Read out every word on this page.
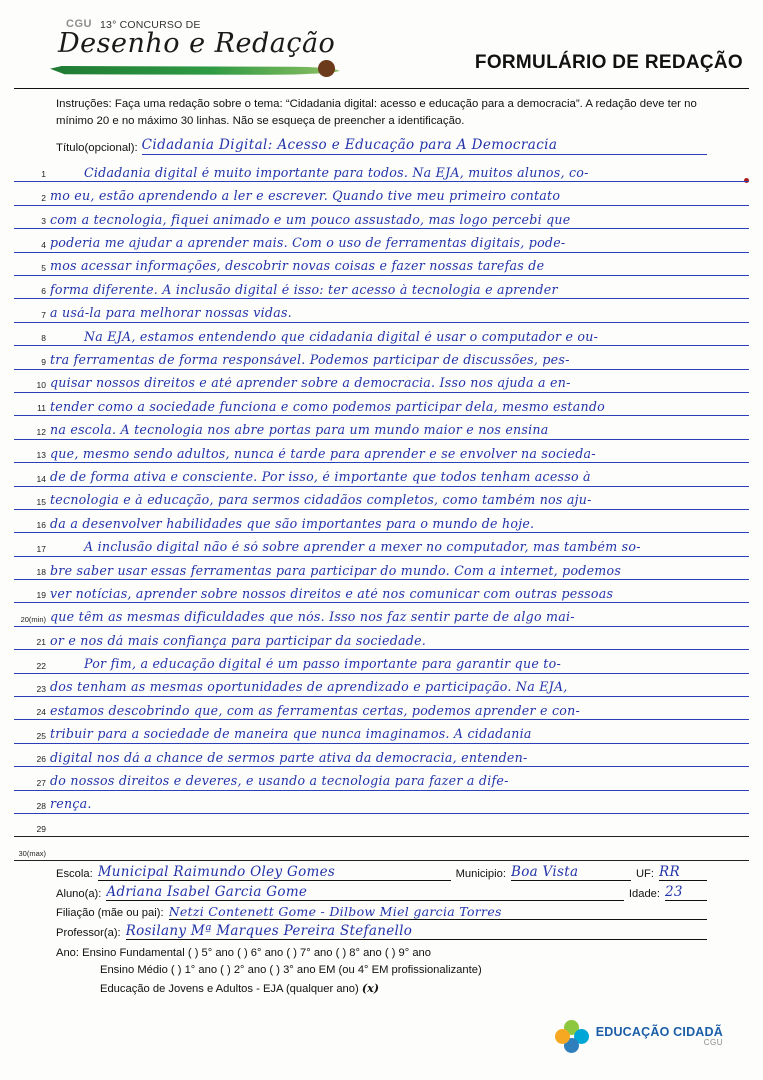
CGU 13° CONCURSO DE
Desenho e Redação
FORMULÁRIO DE REDAÇÃO
Instruções: Faça uma redação sobre o tema: “Cidadania digital: acesso e educação para a democracia”. A redação deve ter no mínimo 20 e no máximo 30 linhas. Não se esqueça de preencher a identificação.
Título(opcional): Cidadania Digital: Acesso e Educação para A Democracia
1	Cidadania digital é muito importante para todos. Na EJA, muitos alunos, co-
2 mo eu, estão aprendendo a ler e escrever. Quando tive meu primeiro contato
3 com a tecnologia, fiquei animado e um pouco assustado, mas logo percebi que
4 poderia me ajudar a aprender mais. Com o uso de ferramentas digitais, pode-
5 mos acessar informações, descobrir novas coisas e fazer nossas tarefas de
6 forma diferente. A inclusão digital é isso: ter acesso à tecnologia e aprender
7 a usá-la para melhorar nossas vidas.
8	Na EJA, estamos entendendo que cidadania digital é usar o computador e ou-
9 tra ferramentas de forma responsável. Podemos participar de discussões, pes-
10 quisar nossos direitos e até aprender sobre a democracia. Isso nos ajuda a en-
11 tender como a sociedade funciona e como podemos participar dela, mesmo estando
12 na escola. A tecnologia nos abre portas para um mundo maior e nos ensina
13 que, mesmo sendo adultos, nunca é tarde para aprender e se envolver na socieda-
14 de de forma ativa e consciente. Por isso, é importante que todos tenham acesso à
15 tecnologia e à educação, para sermos cidadãos completos, como também nos aju-
16 da a desenvolver habilidades que são importantes para o mundo de hoje.
17	A inclusão digital não é só sobre aprender a mexer no computador, mas também so-
18 bre saber usar essas ferramentas para participar do mundo. Com a internet, podemos
19 ver notícias, aprender sobre nossos direitos e até nos comunicar com outras pessoas
20(min) que têm as mesmas dificuldades que nós. Isso nos faz sentir parte de algo mai-
21 or e nos dá mais confiança para participar da sociedade.
22	Por fim, a educação digital é um passo importante para garantir que to-
23 dos tenham as mesmas oportunidades de aprendizado e participação. Na EJA,
24 estamos descobrindo que, com as ferramentas certas, podemos aprender e con-
25 tribuir para a sociedade de maneira que nunca imaginamos. A cidadania
26 digital nos dá a chance de sermos parte ativa da democracia, entenden-
27 do nossos direitos e deveres, e usando a tecnologia para fazer a dife-
28 rença.
29
30(max)
Escola: Municipal Raimundo Oley Gomes	Municipio: Boa Vista	UF: RR
Aluno(a): Adriana Isabel Garcia Gome	Idade: 23
Filiação (mãe ou pai): Netzi Contenett Gome - Dilbow Miel garcia Torres
Professor(a): Rosilany Mª Marques Pereira Stefanello
Ano: Ensino Fundamental ( ) 5° ano ( ) 6° ano ( ) 7° ano ( ) 8° ano ( ) 9° ano
Ensino Médio ( ) 1° ano ( ) 2° ano ( ) 3° ano EM (ou 4° EM profissionalizante)
Educação de Jovens e Adultos - EJA (qualquer ano) (x)
EDUCAÇÃO CIDADÃ
CGU
